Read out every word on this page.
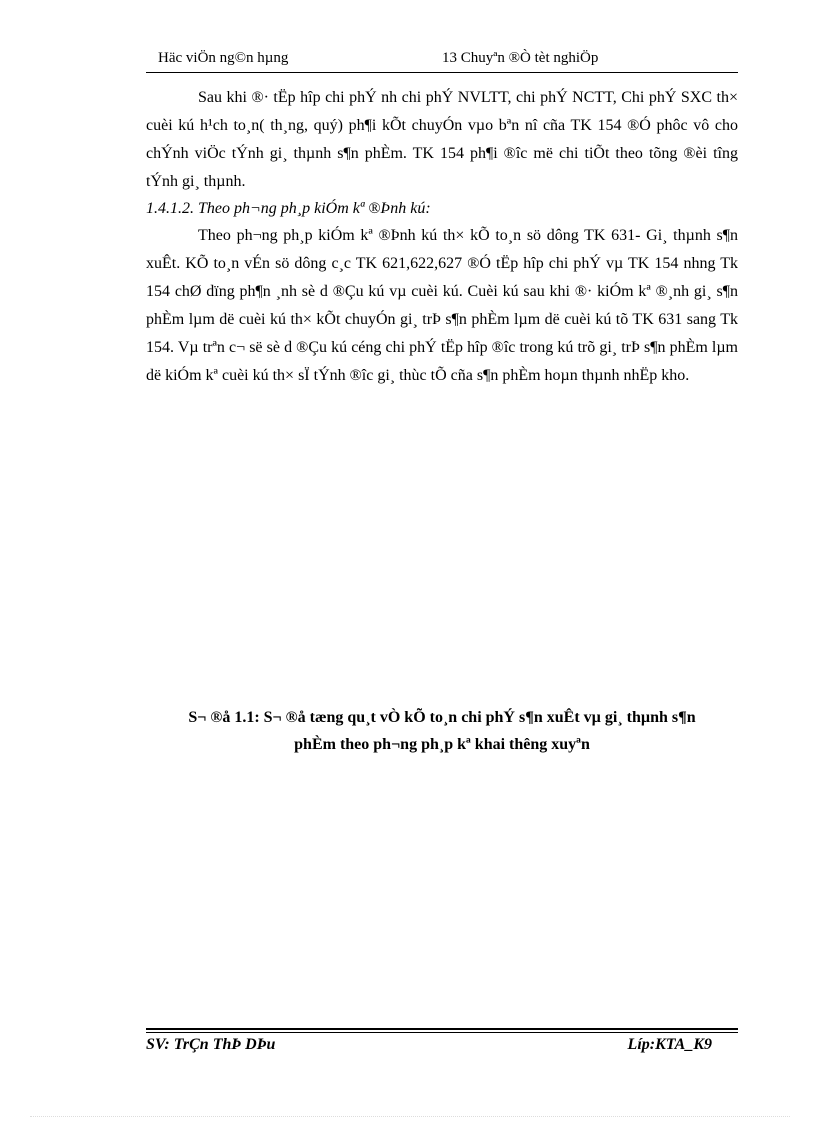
Häc viÖn ng©n hµng	13 Chuyªn ®Ò tèt nghiÖp

Sau khi ®· tËp hîp chi phÝ nh chi phÝ NVLTT, chi phÝ NCTT, Chi phÝ SXC th× cuèi kú h¹ch to¸n( th¸ng, quý) ph¶i kÕt chuyÓn vµo bªn nî cña TK 154 ®Ó phôc vô cho chÝnh viÖc tÝnh gi¸ thµnh s¶n phÈm. TK 154 ph¶i ®îc më chi tiÕt theo tõng ®èi tîng tÝnh gi¸ thµnh.

1.4.1.2. Theo ph¬ng ph¸p kiÓm kª ®Þnh kú:

Theo ph¬ng ph¸p kiÓm kª ®Þnh kú th× kÕ to¸n sö dông TK 631- Gi¸ thµnh s¶n xuÊt. KÕ to¸n vÉn sö dông c¸c TK 621,622,627 ®Ó tËp hîp chi phÝ vµ TK 154 nhng Tk 154 chØ dïng ph¶n ¸nh sè d ®Çu kú vµ cuèi kú. Cuèi kú sau khi ®· kiÓm kª ®¸nh gi¸ s¶n phÈm lµm dë cuèi kú th× kÕt chuyÓn gi¸ trÞ s¶n phÈm lµm dë cuèi kú tõ TK 631 sang Tk 154. Vµ trªn c¬ së sè d ®Çu kú céng chi phÝ tËp hîp ®îc trong kú trõ gi¸ trÞ s¶n phÈm lµm dë kiÓm kª cuèi kú th× sÏ tÝnh ®îc gi¸ thùc tÕ cña s¶n phÈm hoµn thµnh nhËp kho.

S¬ ®å 1.1: S¬ ®å tæng qu¸t vÒ kÕ to¸n chi phÝ s¶n xuÊt vµ gi¸ thµnh s¶n
phÈm theo ph¬ng ph¸p kª khai thêng xuyªn
SV: TrÇn ThÞ DÞu	Líp:KTA_K9
